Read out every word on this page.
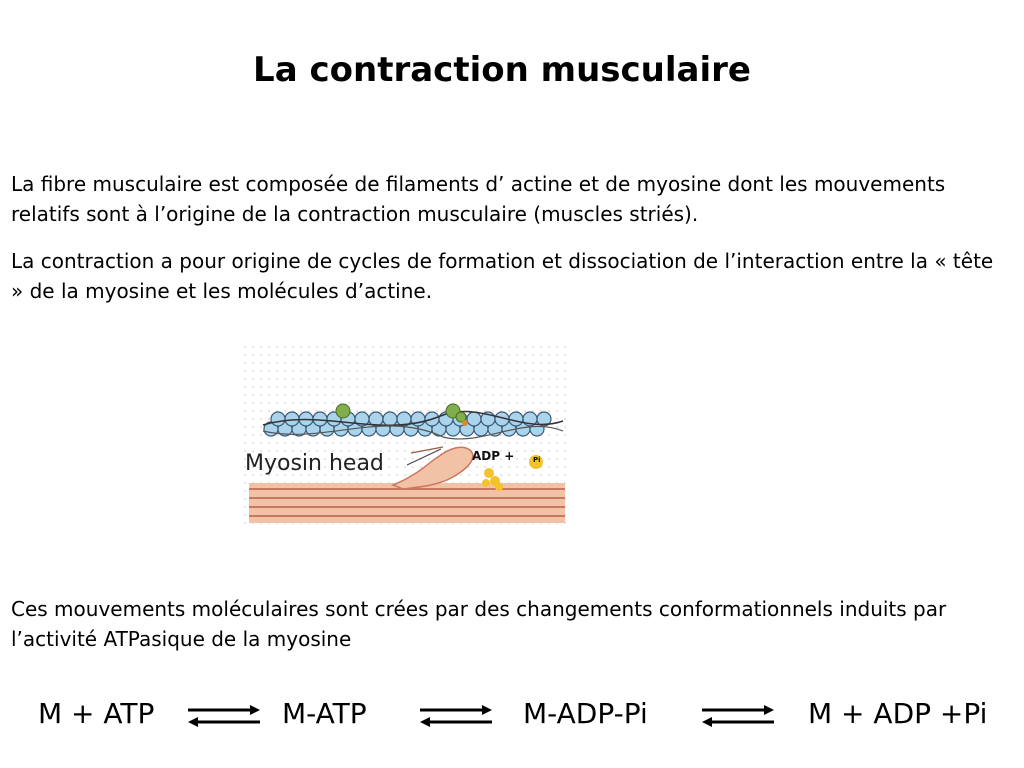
La contraction musculaire

La fibre musculaire est composée de filaments d’ actine et de myosine dont les mouvements relatifs sont à l’origine de la contraction musculaire (muscles striés).

La contraction a pour origine de cycles de formation et dissociation de l’interaction entre la « tête » de la myosine et les molécules d’actine.

Myosin head	ADP +	Pi

Ces mouvements moléculaires sont crées par des changements conformationnels induits par l’activité ATPasique de la myosine

M + ATP ⇌ M-ATP ⇌ M-ADP-Pi ⇌ M + ADP +Pi
